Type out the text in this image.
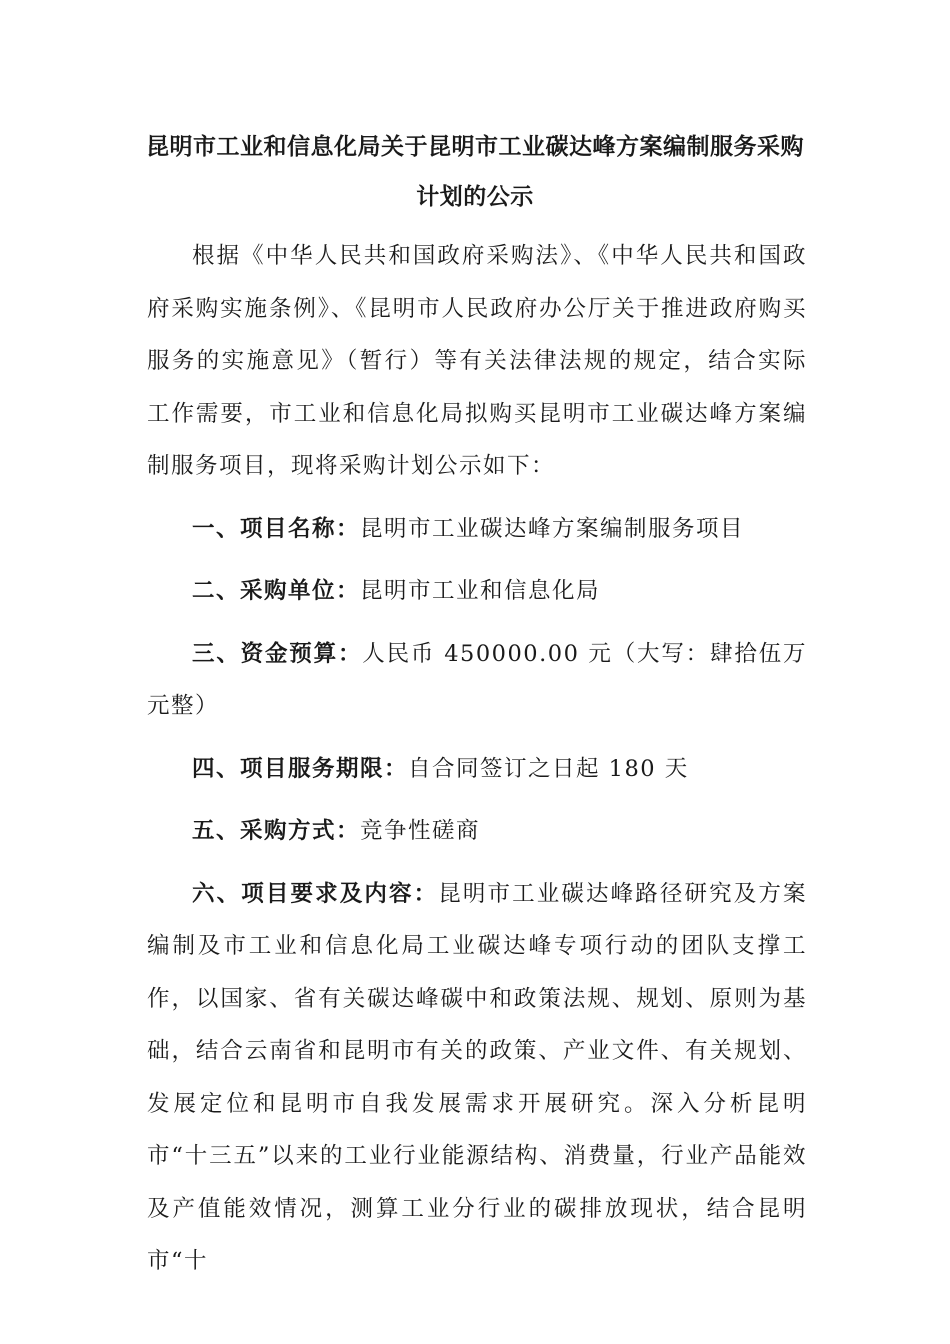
昆明市工业和信息化局关于昆明市工业碳达峰方案编制服务采购计划的公示

根据《中华人民共和国政府采购法》、《中华人民共和国政府采购实施条例》、《昆明市人民政府办公厅关于推进政府购买服务的实施意见》（暂行）等有关法律法规的规定，结合实际工作需要，市工业和信息化局拟购买昆明市工业碳达峰方案编制服务项目，现将采购计划公示如下：

一、项目名称：昆明市工业碳达峰方案编制服务项目

二、采购单位：昆明市工业和信息化局

三、资金预算：人民币 450000.00 元（大写：肆拾伍万元整）

四、项目服务期限：自合同签订之日起 180 天

五、采购方式：竞争性磋商

六、项目要求及内容：昆明市工业碳达峰路径研究及方案编制及市工业和信息化局工业碳达峰专项行动的团队支撑工作，以国家、省有关碳达峰碳中和政策法规、规划、原则为基础，结合云南省和昆明市有关的政策、产业文件、有关规划、发展定位和昆明市自我发展需求开展研究。深入分析昆明市“十三五”以来的工业行业能源结构、消费量，行业产品能效及产值能效情况，测算工业分行业的碳排放现状，结合昆明市“十
